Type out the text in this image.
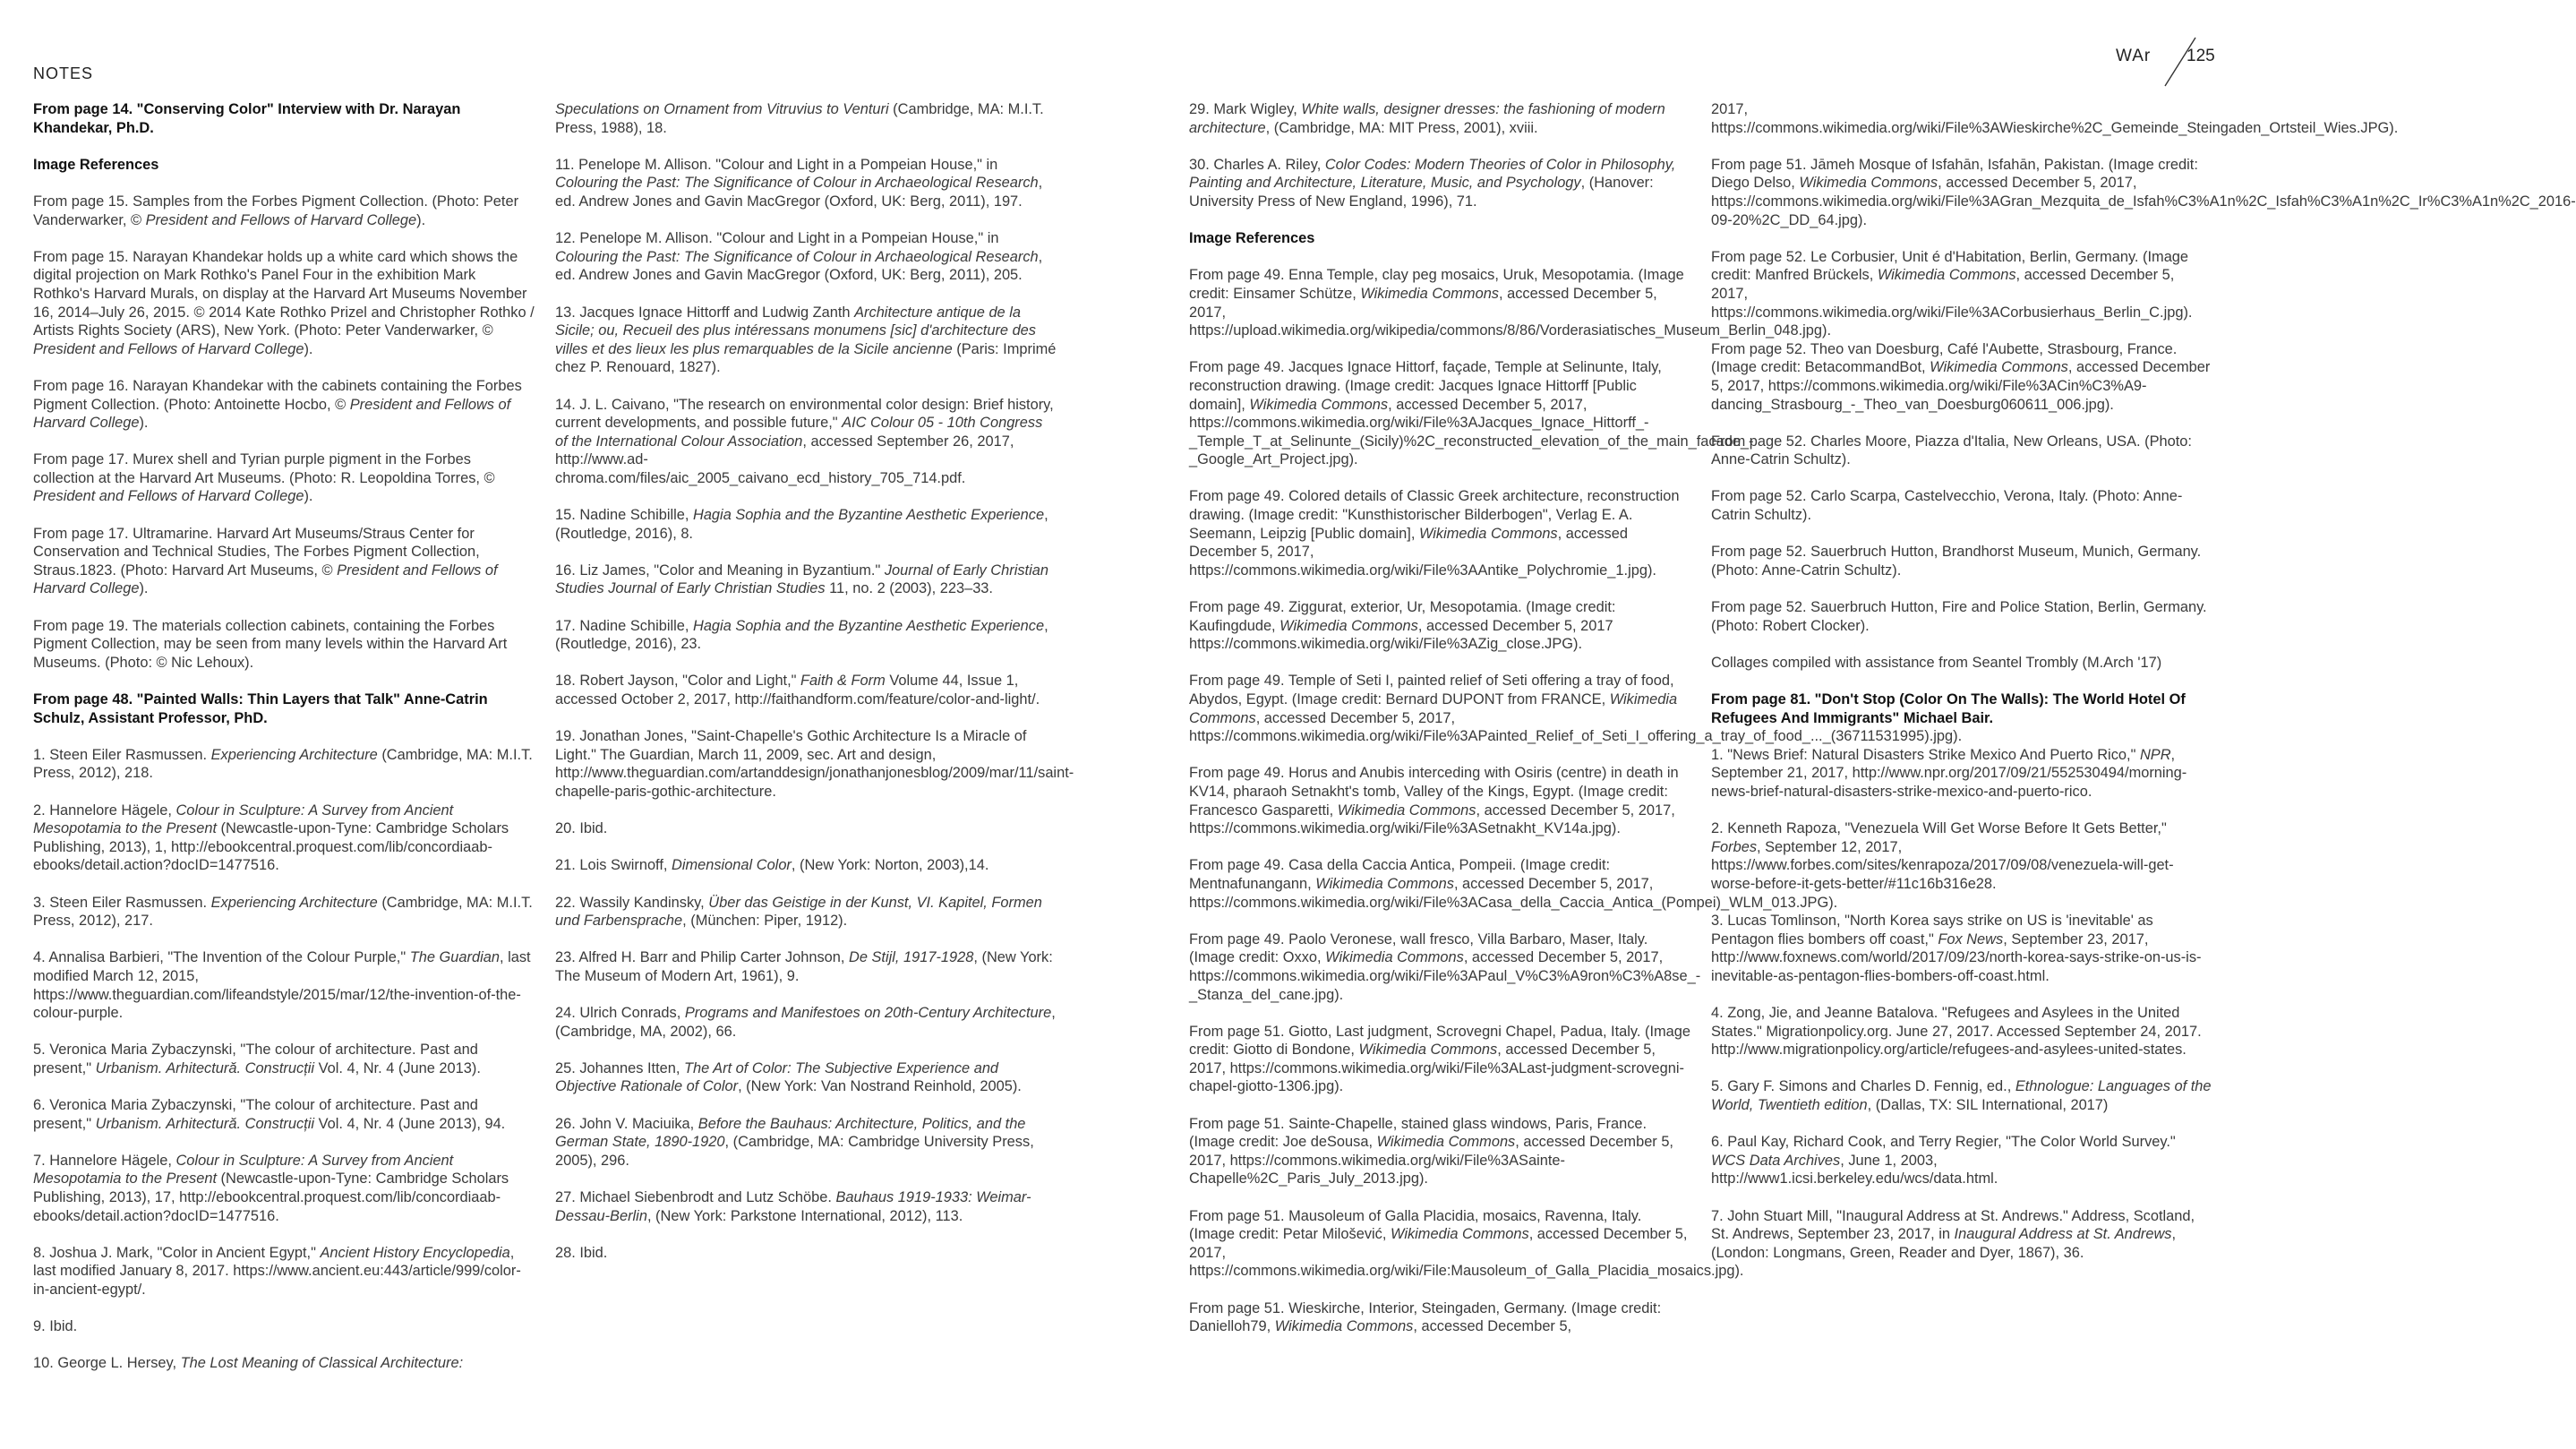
NOTES
WAr 125
From page 14. "Conserving Color" Interview with Dr. Narayan Khandekar, Ph.D.
Image References
From page 15. Samples from the Forbes Pigment Collection. (Photo: Peter Vanderwarker, © President and Fellows of Harvard College).
From page 15. Narayan Khandekar holds up a white card which shows the digital projection on Mark Rothko's Panel Four in the exhibition Mark Rothko's Harvard Murals, on display at the Harvard Art Museums November 16, 2014–July 26, 2015. © 2014 Kate Rothko Prizel and Christopher Rothko / Artists Rights Society (ARS), New York. (Photo: Peter Vanderwarker, © President and Fellows of Harvard College).
From page 16. Narayan Khandekar with the cabinets containing the Forbes Pigment Collection. (Photo: Antoinette Hocbo, © President and Fellows of Harvard College).
From page 17. Murex shell and Tyrian purple pigment in the Forbes collection at the Harvard Art Museums. (Photo: R. Leopoldina Torres, © President and Fellows of Harvard College).
From page 17. Ultramarine. Harvard Art Museums/Straus Center for Conservation and Technical Studies, The Forbes Pigment Collection, Straus.1823. (Photo: Harvard Art Museums, © President and Fellows of Harvard College).
From page 19. The materials collection cabinets, containing the Forbes Pigment Collection, may be seen from many levels within the Harvard Art Museums. (Photo: © Nic Lehoux).
From page 48. "Painted Walls: Thin Layers that Talk" Anne-Catrin Schulz, Assistant Professor, PhD.
1. Steen Eiler Rasmussen. Experiencing Architecture (Cambridge, MA: M.I.T. Press, 2012), 218.
2. Hannelore Hägele, Colour in Sculpture: A Survey from Ancient Mesopotamia to the Present (Newcastle-upon-Tyne: Cambridge Scholars Publishing, 2013), 1, http://ebookcentral.proquest.com/lib/concordiaab-ebooks/detail.action?docID=1477516.
3. Steen Eiler Rasmussen. Experiencing Architecture (Cambridge, MA: M.I.T. Press, 2012), 217.
4. Annalisa Barbieri, "The Invention of the Colour Purple," The Guardian, last modified March 12, 2015, https://www.theguardian.com/lifeandstyle/2015/mar/12/the-invention-of-the-colour-purple.
5. Veronica Maria Zybaczynski, "The colour of architecture. Past and present," Urbanism. Arhitectură. Construcții Vol. 4, Nr. 4 (June 2013).
6. Veronica Maria Zybaczynski, "The colour of architecture. Past and present," Urbanism. Arhitectură. Construcții Vol. 4, Nr. 4 (June 2013), 94.
7. Hannelore Hägele, Colour in Sculpture: A Survey from Ancient Mesopotamia to the Present (Newcastle-upon-Tyne: Cambridge Scholars Publishing, 2013), 17, http://ebookcentral.proquest.com/lib/concordiaab-ebooks/detail.action?docID=1477516.
8. Joshua J. Mark, "Color in Ancient Egypt," Ancient History Encyclopedia, last modified January 8, 2017. https://www.ancient.eu:443/article/999/color-in-ancient-egypt/.
9. Ibid.
10. George L. Hersey, The Lost Meaning of Classical Architecture:
Speculations on Ornament from Vitruvius to Venturi (Cambridge, MA: M.I.T. Press, 1988), 18.
11. Penelope M. Allison. "Colour and Light in a Pompeian House," in Colouring the Past: The Significance of Colour in Archaeological Research, ed. Andrew Jones and Gavin MacGregor (Oxford, UK: Berg, 2011), 197.
12. Penelope M. Allison. "Colour and Light in a Pompeian House," in Colouring the Past: The Significance of Colour in Archaeological Research, ed. Andrew Jones and Gavin MacGregor (Oxford, UK: Berg, 2011), 205.
13. Jacques Ignace Hittorff and Ludwig Zanth Architecture antique de la Sicile; ou, Recueil des plus intéressans monumens [sic] d'architecture des villes et des lieux les plus remarquables de la Sicile ancienne (Paris: Imprimé chez P. Renouard, 1827).
14. J. L. Caivano, "The research on environmental color design: Brief history, current developments, and possible future," AIC Colour 05 - 10th Congress of the International Colour Association, accessed September 26, 2017, http://www.ad-chroma.com/files/aic_2005_caivano_ecd_history_705_714.pdf.
15. Nadine Schibille, Hagia Sophia and the Byzantine Aesthetic Experience, (Routledge, 2016), 8.
16. Liz James, "Color and Meaning in Byzantium." Journal of Early Christian Studies Journal of Early Christian Studies 11, no. 2 (2003), 223–33.
17. Nadine Schibille, Hagia Sophia and the Byzantine Aesthetic Experience, (Routledge, 2016), 23.
18. Robert Jayson, "Color and Light," Faith & Form Volume 44, Issue 1, accessed October 2, 2017, http://faithandform.com/feature/color-and-light/.
19. Jonathan Jones, "Saint-Chapelle's Gothic Architecture Is a Miracle of Light." The Guardian, March 11, 2009, sec. Art and design, http://www.theguardian.com/artanddesign/jonathanjonesblog/2009/mar/11/saint-chapelle-paris-gothic-architecture.
20. Ibid.
21. Lois Swirnoff, Dimensional Color, (New York: Norton, 2003),14.
22. Wassily Kandinsky, Über das Geistige in der Kunst, VI. Kapitel, Formen und Farbensprache, (München: Piper, 1912).
23. Alfred H. Barr and Philip Carter Johnson, De Stijl, 1917-1928, (New York: The Museum of Modern Art, 1961), 9.
24. Ulrich Conrads, Programs and Manifestoes on 20th-Century Architecture, (Cambridge, MA, 2002), 66.
25. Johannes Itten, The Art of Color: The Subjective Experience and Objective Rationale of Color, (New York: Van Nostrand Reinhold, 2005).
26. John V. Maciuika, Before the Bauhaus: Architecture, Politics, and the German State, 1890-1920, (Cambridge, MA: Cambridge University Press, 2005), 296.
27. Michael Siebenbrodt and Lutz Schöbe. Bauhaus 1919-1933: Weimar-Dessau-Berlin, (New York: Parkstone International, 2012), 113.
28. Ibid.
29. Mark Wigley, White walls, designer dresses: the fashioning of modern architecture, (Cambridge, MA: MIT Press, 2001), xviii.
30. Charles A. Riley, Color Codes: Modern Theories of Color in Philosophy, Painting and Architecture, Literature, Music, and Psychology, (Hanover: University Press of New England, 1996), 71.
Image References
From page 49. Enna Temple, clay peg mosaics, Uruk, Mesopotamia. (Image credit: Einsamer Schütze, Wikimedia Commons, accessed December 5, 2017, https://upload.wikimedia.org/wikipedia/commons/8/86/Vorderasiatisches_Museum_Berlin_048.jpg).
From page 49. Jacques Ignace Hittorf, façade, Temple at Selinunte, Italy, reconstruction drawing. (Image credit: Jacques Ignace Hittorff [Public domain], Wikimedia Commons, accessed December 5, 2017, https://commons.wikimedia.org/wiki/File%3AJacques_Ignace_Hittorff_-_Temple_T_at_Selinunte_(Sicily)%2C_reconstructed_elevation_of_the_main_facade_-_Google_Art_Project.jpg).
From page 49. Colored details of Classic Greek architecture, reconstruction drawing. (Image credit: "Kunsthistorischer Bilderbogen", Verlag E. A. Seemann, Leipzig [Public domain], Wikimedia Commons, accessed December 5, 2017, https://commons.wikimedia.org/wiki/File%3AAntike_Polychromie_1.jpg).
From page 49. Ziggurat, exterior, Ur, Mesopotamia. (Image credit: Kaufingdude, Wikimedia Commons, accessed December 5, 2017 https://commons.wikimedia.org/wiki/File%3AZig_close.JPG).
From page 49. Temple of Seti I, painted relief of Seti offering a tray of food, Abydos, Egypt. (Image credit: Bernard DUPONT from FRANCE, Wikimedia Commons, accessed December 5, 2017, https://commons.wikimedia.org/wiki/File%3APainted_Relief_of_Seti_I_offering_a_tray_of_food_..._(36711531995).jpg).
From page 49. Horus and Anubis interceding with Osiris (centre) in death in KV14, pharaoh Setnakht's tomb, Valley of the Kings, Egypt. (Image credit: Francesco Gasparetti, Wikimedia Commons, accessed December 5, 2017, https://commons.wikimedia.org/wiki/File%3ASetnakht_KV14a.jpg).
From page 49. Casa della Caccia Antica, Pompeii. (Image credit: Mentnafunangann, Wikimedia Commons, accessed December 5, 2017, https://commons.wikimedia.org/wiki/File%3ACasa_della_Caccia_Antica_(Pompei)_WLM_013.JPG).
From page 49. Paolo Veronese, wall fresco, Villa Barbaro, Maser, Italy. (Image credit: Oxxo, Wikimedia Commons, accessed December 5, 2017, https://commons.wikimedia.org/wiki/File%3APaul_V%C3%A9ron%C3%A8se_-_Stanza_del_cane.jpg).
From page 51. Giotto, Last judgment, Scrovegni Chapel, Padua, Italy. (Image credit: Giotto di Bondone, Wikimedia Commons, accessed December 5, 2017, https://commons.wikimedia.org/wiki/File%3ALast-judgment-scrovegni-chapel-giotto-1306.jpg).
From page 51. Sainte-Chapelle, stained glass windows, Paris, France. (Image credit: Joe deSousa, Wikimedia Commons, accessed December 5, 2017, https://commons.wikimedia.org/wiki/File%3ASainte-Chapelle%2C_Paris_July_2013.jpg).
From page 51. Mausoleum of Galla Placidia, mosaics, Ravenna, Italy. (Image credit: Petar Milošević, Wikimedia Commons, accessed December 5, 2017, https://commons.wikimedia.org/wiki/File:Mausoleum_of_Galla_Placidia_mosaics.jpg).
From page 51. Wieskirche, Interior, Steingaden, Germany. (Image credit: Danielloh79, Wikimedia Commons, accessed December 5,
2017, https://commons.wikimedia.org/wiki/File%3AWieskirche%2C_Gemeinde_Steingaden_Ortsteil_Wies.JPG).
From page 51. Jāmeh Mosque of Isfahān, Isfahān, Pakistan. (Image credit: Diego Delso, Wikimedia Commons, accessed December 5, 2017, https://commons.wikimedia.org/wiki/File%3AGran_Mezquita_de_Isfah%C3%A1n%2C_Isfah%C3%A1n%2C_Ir%C3%A1n%2C_2016-09-20%2C_DD_64.jpg).
From page 52. Le Corbusier, Unit é d'Habitation, Berlin, Germany. (Image credit: Manfred Brückels, Wikimedia Commons, accessed December 5, 2017, https://commons.wikimedia.org/wiki/File%3ACorbusierhaus_Berlin_C.jpg).
From page 52. Theo van Doesburg, Café l'Aubette, Strasbourg, France. (Image credit: BetacommandBot, Wikimedia Commons, accessed December 5, 2017, https://commons.wikimedia.org/wiki/File%3ACin%C3%A9-dancing_Strasbourg_-_Theo_van_Doesburg060611_006.jpg).
From page 52. Charles Moore, Piazza d'Italia, New Orleans, USA. (Photo: Anne-Catrin Schultz).
From page 52. Carlo Scarpa, Castelvecchio, Verona, Italy. (Photo: Anne-Catrin Schultz).
From page 52. Sauerbruch Hutton, Brandhorst Museum, Munich, Germany. (Photo: Anne-Catrin Schultz).
From page 52. Sauerbruch Hutton, Fire and Police Station, Berlin, Germany. (Photo: Robert Clocker).
Collages compiled with assistance from Seantel Trombly (M.Arch '17)
From page 81. "Don't Stop (Color On The Walls): The World Hotel Of Refugees And Immigrants" Michael Bair.
1. "News Brief: Natural Disasters Strike Mexico And Puerto Rico," NPR, September 21, 2017, http://www.npr.org/2017/09/21/552530494/morning-news-brief-natural-disasters-strike-mexico-and-puerto-rico.
2. Kenneth Rapoza, "Venezuela Will Get Worse Before It Gets Better," Forbes, September 12, 2017, https://www.forbes.com/sites/kenrapoza/2017/09/08/venezuela-will-get-worse-before-it-gets-better/#11c16b316e28.
3. Lucas Tomlinson, "North Korea says strike on US is 'inevitable' as Pentagon flies bombers off coast," Fox News, September 23, 2017, http://www.foxnews.com/world/2017/09/23/north-korea-says-strike-on-us-is-inevitable-as-pentagon-flies-bombers-off-coast.html.
4. Zong, Jie, and Jeanne Batalova. "Refugees and Asylees in the United States." Migrationpolicy.org. June 27, 2017. Accessed September 24, 2017. http://www.migrationpolicy.org/article/refugees-and-asylees-united-states.
5. Gary F. Simons and Charles D. Fennig, ed., Ethnologue: Languages of the World, Twentieth edition, (Dallas, TX: SIL International, 2017)
6. Paul Kay, Richard Cook, and Terry Regier, "The Color World Survey." WCS Data Archives, June 1, 2003, http://www1.icsi.berkeley.edu/wcs/data.html.
7. John Stuart Mill, "Inaugural Address at St. Andrews." Address, Scotland, St. Andrews, September 23, 2017, in Inaugural Address at St. Andrews, (London: Longmans, Green, Reader and Dyer, 1867), 36.
